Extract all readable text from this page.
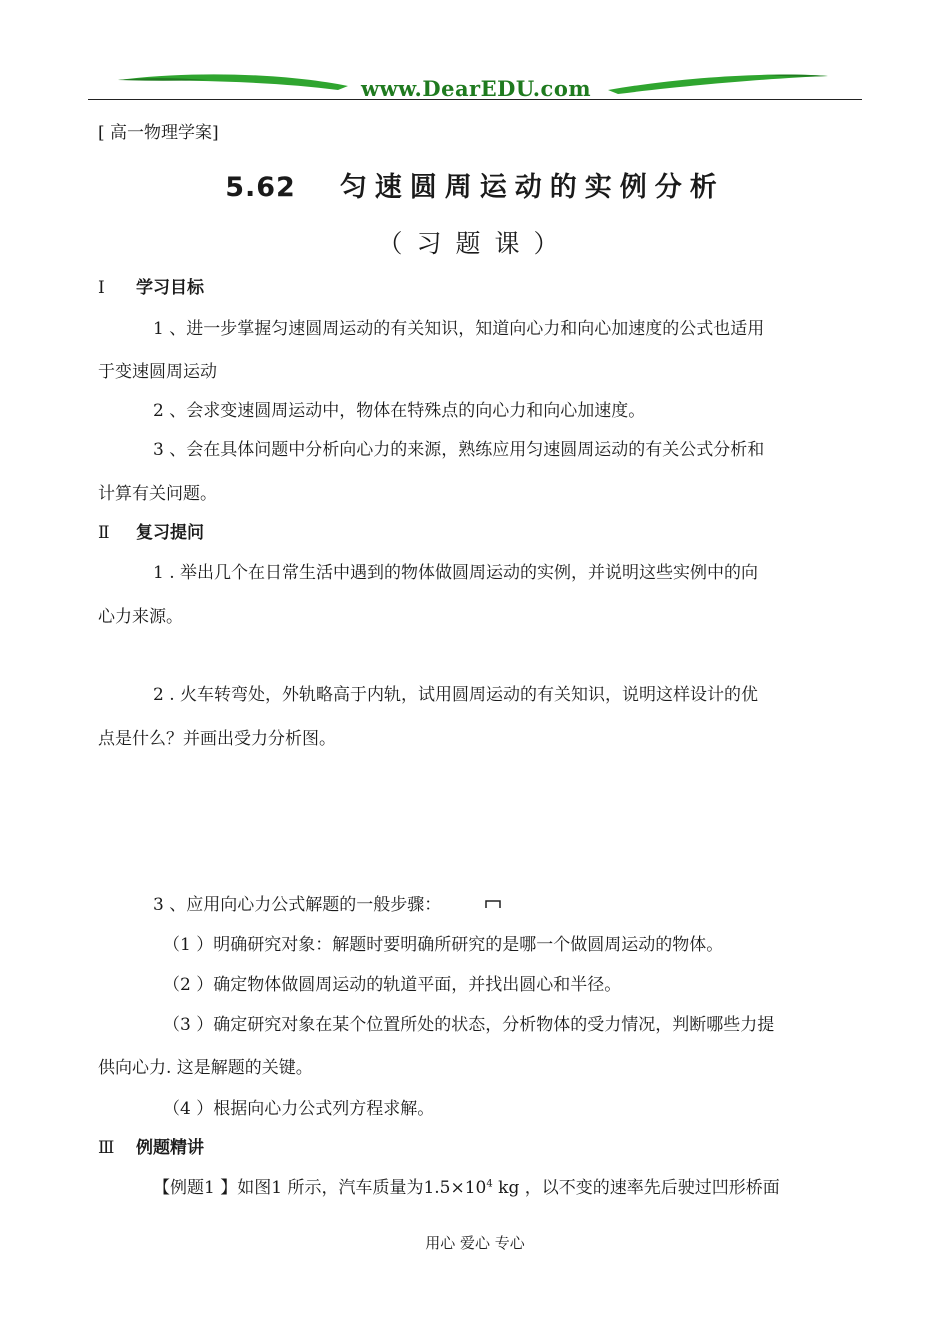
www.DearEDU.com
[ 高一物理学案]
5.62 匀速圆周运动的实例分析
（习题课）
Ⅰ 学习目标
1 、进一步掌握匀速圆周运动的有关知识，知道向心力和向心加速度的公式也适用
于变速圆周运动
2 、会求变速圆周运动中，物体在特殊点的向心力和向心加速度。
3 、会在具体问题中分析向心力的来源，熟练应用匀速圆周运动的有关公式分析和
计算有关问题。
Ⅱ 复习提问
1 . 举出几个在日常生活中遇到的物体做圆周运动的实例，并说明这些实例中的向
心力来源。
2 . 火车转弯处，外轨略高于内轨，试用圆周运动的有关知识，说明这样设计的优
点是什么？并画出受力分析图。
3 、应用向心力公式解题的一般步骤：
（1 ）明确研究对象：解题时要明确所研究的是哪一个做圆周运动的物体。
（2 ）确定物体做圆周运动的轨道平面，并找出圆心和半径。
（3 ）确定研究对象在某个位置所处的状态，分析物体的受力情况，判断哪些力提
供向心力. 这是解题的关键。
（4 ）根据向心力公式列方程求解。
Ⅲ 例题精讲
【例题1 】如图1 所示，汽车质量为$1.5\times 10^4$ kg ，以不变的速率先后驶过凹形桥面
用心 爱心 专心
